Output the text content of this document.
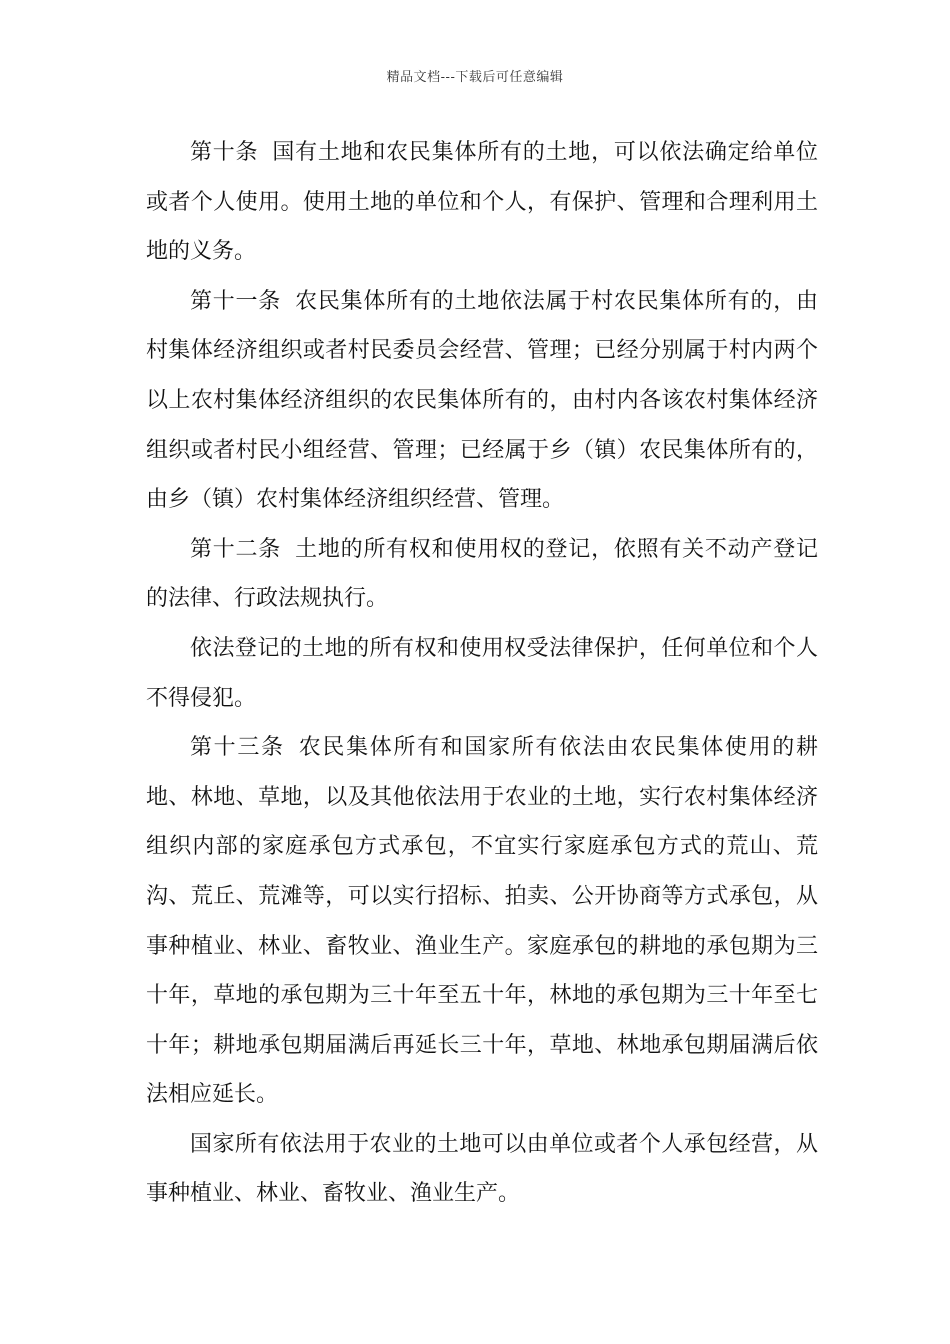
精品文档---下载后可任意编辑

第十条 国有土地和农民集体所有的土地，可以依法确定给单位或者个人使用。使用土地的单位和个人，有保护、管理和合理利用土地的义务。

第十一条 农民集体所有的土地依法属于村农民集体所有的，由村集体经济组织或者村民委员会经营、管理；已经分别属于村内两个以上农村集体经济组织的农民集体所有的，由村内各该农村集体经济组织或者村民小组经营、管理；已经属于乡（镇）农民集体所有的，由乡（镇）农村集体经济组织经营、管理。

第十二条 土地的所有权和使用权的登记，依照有关不动产登记的法律、行政法规执行。

依法登记的土地的所有权和使用权受法律保护，任何单位和个人不得侵犯。

第十三条 农民集体所有和国家所有依法由农民集体使用的耕地、林地、草地，以及其他依法用于农业的土地，实行农村集体经济组织内部的家庭承包方式承包，不宜实行家庭承包方式的荒山、荒沟、荒丘、荒滩等，可以实行招标、拍卖、公开协商等方式承包，从事种植业、林业、畜牧业、渔业生产。家庭承包的耕地的承包期为三十年，草地的承包期为三十年至五十年，林地的承包期为三十年至七十年；耕地承包期届满后再延长三十年，草地、林地承包期届满后依法相应延长。

国家所有依法用于农业的土地可以由单位或者个人承包经营，从事种植业、林业、畜牧业、渔业生产。
